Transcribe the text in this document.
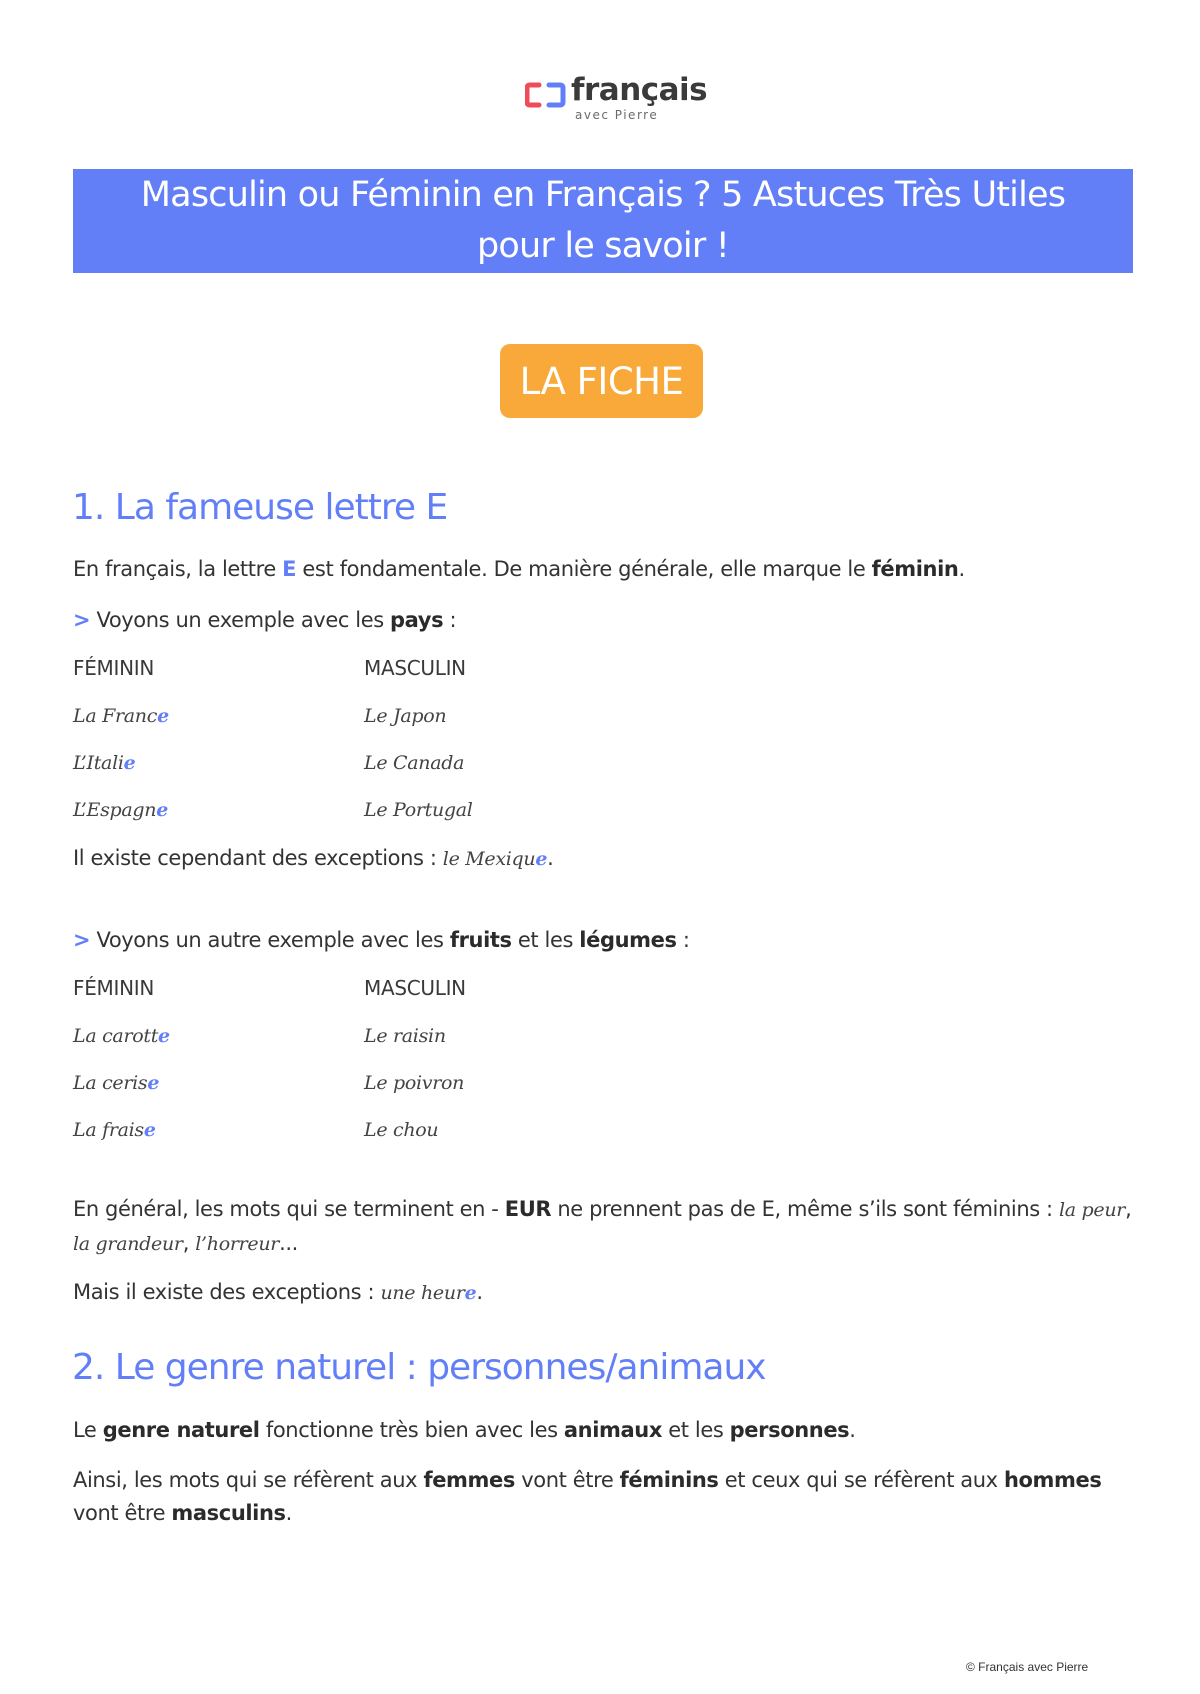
français
avec Pierre
Masculin ou Féminin en Français ? 5 Astuces Très Utiles pour le savoir !
LA FICHE
1. La fameuse lettre E
En français, la lettre E est fondamentale. De manière générale, elle marque le féminin.
> Voyons un exemple avec les pays :
FÉMININ	MASCULIN
La France	Le Japon
L’Italie	Le Canada
L’Espagne	Le Portugal
Il existe cependant des exceptions : le Mexique.
> Voyons un autre exemple avec les fruits et les légumes :
FÉMININ	MASCULIN
La carotte	Le raisin
La cerise	Le poivron
La fraise	Le chou
En général, les mots qui se terminent en - EUR ne prennent pas de E, même s’ils sont féminins : la peur,
la grandeur, l’horreur...
Mais il existe des exceptions : une heure.
2. Le genre naturel : personnes/animaux
Le genre naturel fonctionne très bien avec les animaux et les personnes.
Ainsi, les mots qui se réfèrent aux femmes vont être féminins et ceux qui se réfèrent aux hommes
vont être masculins.
© Français avec Pierre
